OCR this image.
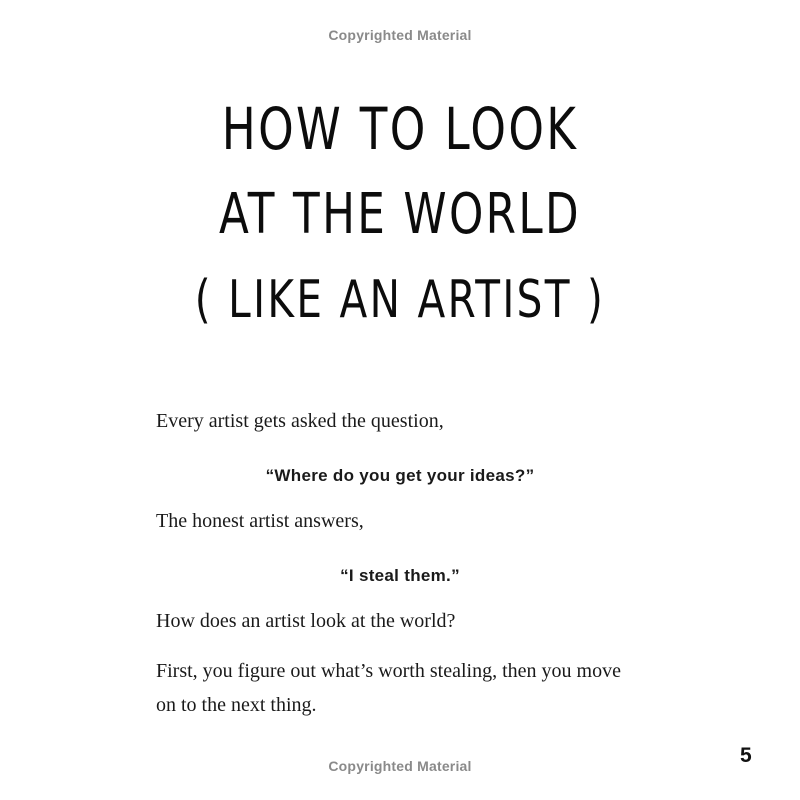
Copyrighted Material
HOW TO LOOK
AT THE WORLD
( LIKE AN ARTIST )
Every artist gets asked the question,
“Where do you get your ideas?”
The honest artist answers,
“I steal them.”
How does an artist look at the world?
First, you figure out what’s worth stealing, then you move on to the next thing.
Copyrighted Material	5
